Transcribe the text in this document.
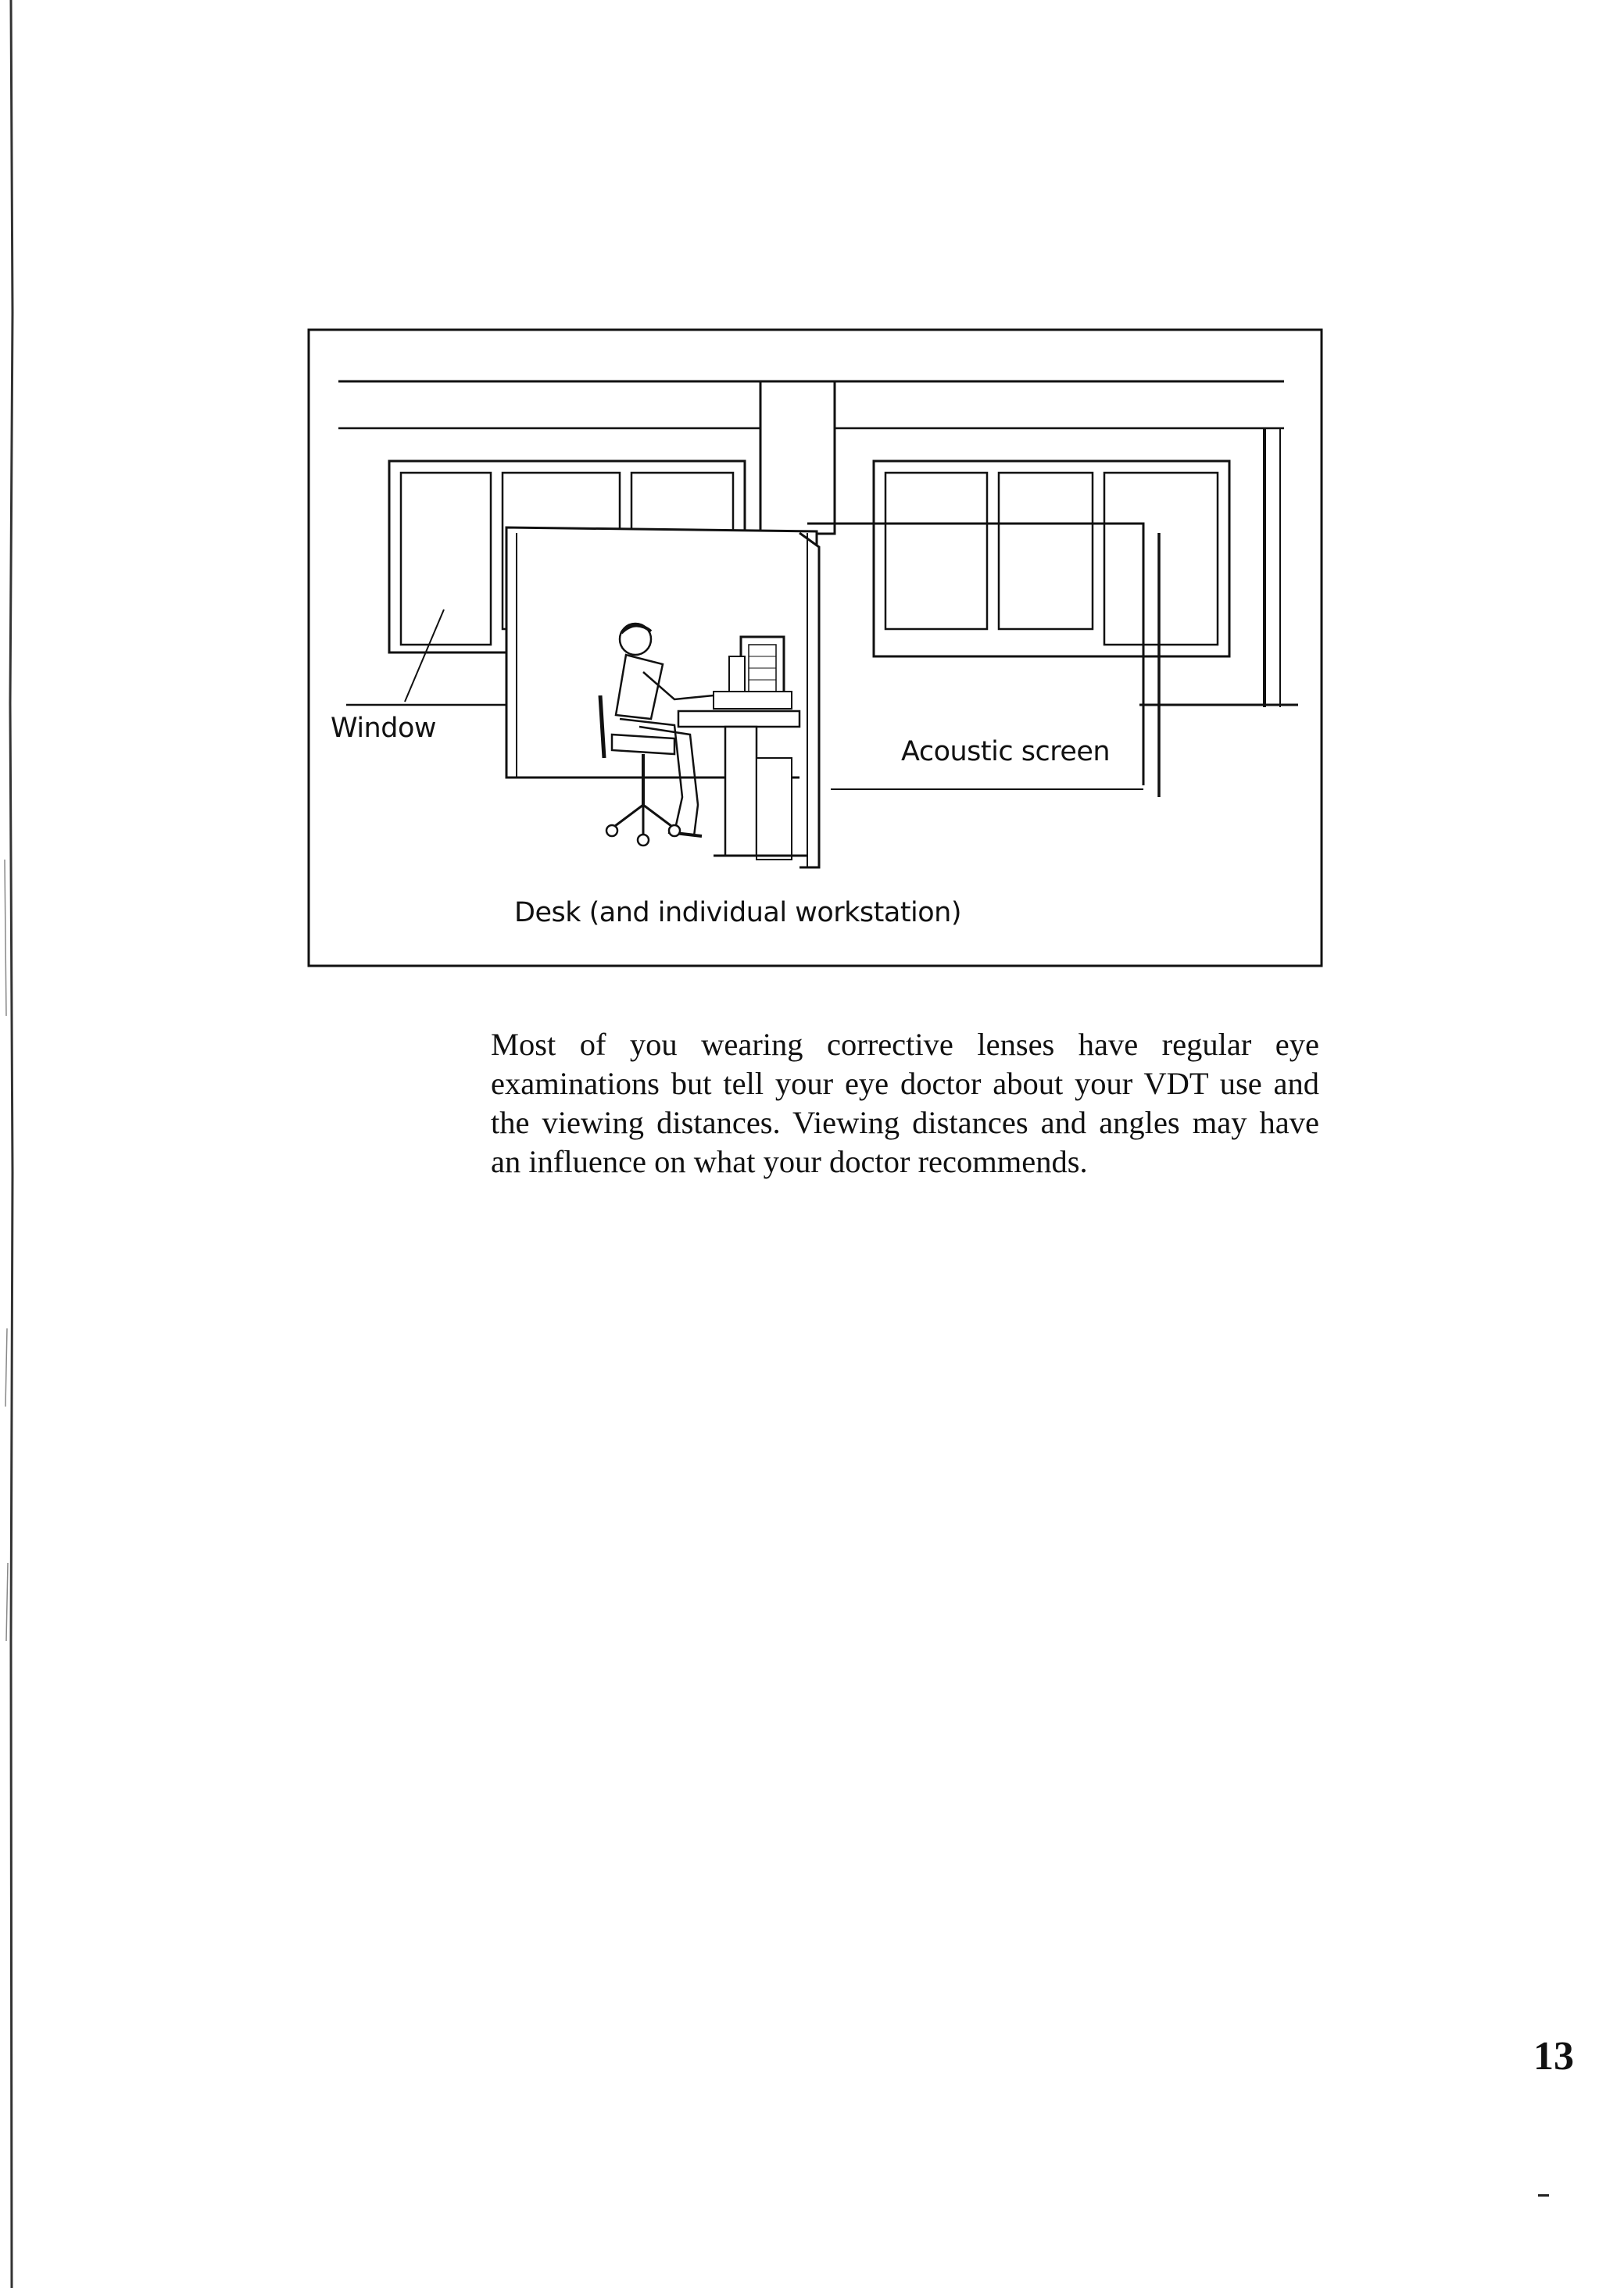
Window
Acoustic screen
Desk (and individual workstation)

Most of you wearing corrective lenses have regular eye examinations but tell your eye doctor about your VDT use and the viewing distances. Viewing distances and angles may have an influence on what your doctor recommends.

13
